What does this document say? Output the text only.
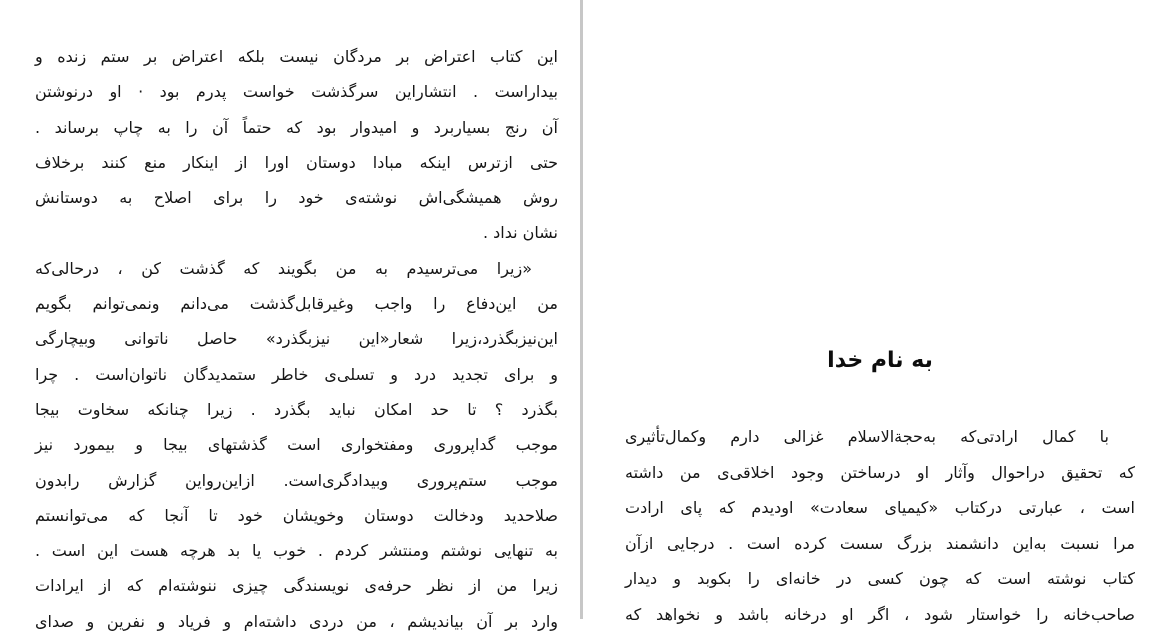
این کتاب اعتراض بر مردگان نیست بلکه اعتراض بر ستم زنده و
بیداراست . انتشاراین سرگذشت خواست پدرم بود · او درنوشتن
آن رنج بسیاربرد و امیدوار بود که حتماً آن را به چاپ برساند .
حتی ازترس اینکه مبادا دوستان اورا از اینکار منع کنند برخلاف
روش همیشگی‌اش نوشته‌ی خود را برای اصلاح به دوستانش
نشان نداد .
«زیرا می‌ترسیدم به من بگویند که گذشت کن ، درحالی‌که
من این‌دفاع را واجب وغیرقابل‌گذشت می‌دانم ونمی‌توانم بگویم
این‌نیزبگذرد،زیرا شعار«این نیزبگذرد» حاصل ناتوانی وبیچارگی
و برای تجدید درد و تسلی‌ی خاطر ستمدیدگان ناتوان‌است . چرا
بگذرد ؟ تا حد امکان نباید بگذرد . زیرا چنانکه سخاوت بیجا
موجب گداپروری ومفتخواری است گذشتهای بیجا و بیمورد نیز
موجب ستم‌پروری وبیدادگری‌است. ازاین‌رواین گزارش رابدون
صلاحدید ودخالت دوستان وخویشان خود تا آنجا که می‌توانستم
به تنهایی نوشتم ومنتشر کردم . خوب یا بد هرچه هست این است .
زیرا من از نظر حرفه‌ی نویسندگی چیزی ننوشته‌ام که از ایرادات
وارد بر آن بیاندیشم ، من دردی داشته‌ام و فریاد و نفرین و صدای
به نام خدا
با کمال ارادتی‌که به‌حجةالاسلام غزالی دارم وکمال‌تأثیری
که تحقیق دراحوال وآثار او درساختن وجود اخلاقی‌ی من داشته
است ، عبارتی درکتاب «کیمیای سعادت» اودیدم که پای ارادت
مرا نسبت به‌این دانشمند بزرگ سست کرده است . درجایی ازآن
کتاب نوشته است که چون کسی در خانه‌ای را بکوبد و دیدار
صاحب‌خانه را خواستار شود ، اگر او درخانه باشد و نخواهد که
